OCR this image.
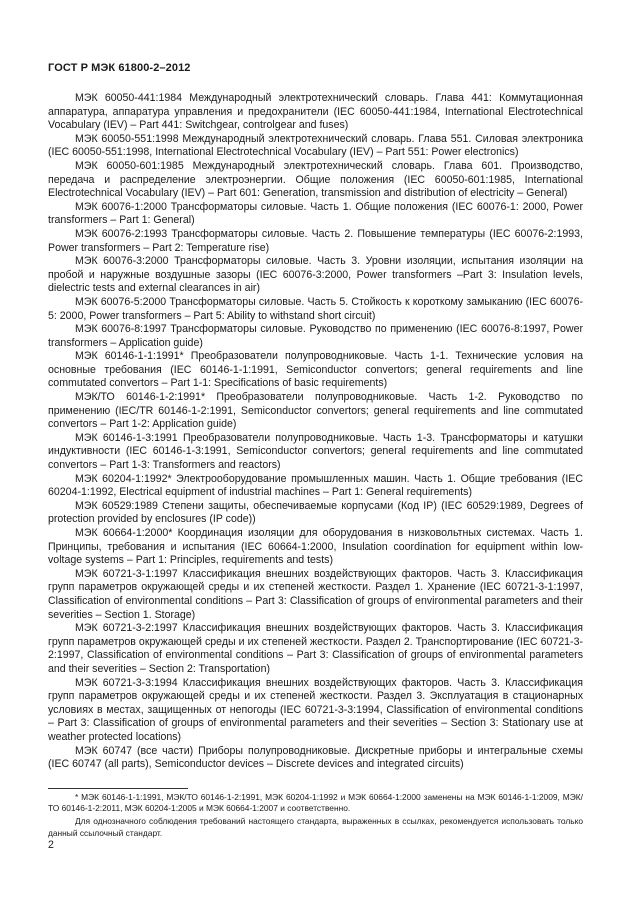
ГОСТ Р МЭК 61800-2–2012

МЭК 60050-441:1984 Международный электротехнический словарь. Глава 441: Коммутационная аппаратура, аппаратура управления и предохранители (IEC 60050-441:1984, International Electrotechnical Vocabulary (IEV) – Part 441: Switchgear, controlgear and fuses)

МЭК 60050-551:1998 Международный электротехнический словарь. Глава 551. Силовая электроника (IEC 60050-551:1998, International Electrotechnical Vocabulary (IEV) – Part 551: Power electronics)

МЭК 60050-601:1985 Международный электротехнический словарь. Глава 601. Производство, передача и распределение электроэнергии. Общие положения (IEC 60050-601:1985, International Electrotechnical Vocabulary (IEV) – Part 601: Generation, transmission and distribution of electricity – General)

МЭК 60076-1:2000 Трансформаторы силовые. Часть 1. Общие положения (IEC 60076-1: 2000, Power transformers – Part 1: General)

МЭК 60076-2:1993 Трансформаторы силовые. Часть 2. Повышение температуры (IEC 60076-2:1993, Power transformers – Part 2: Temperature rise)

МЭК 60076-3:2000 Трансформаторы силовые. Часть 3. Уровни изоляции, испытания изоляции на пробой и наружные воздушные зазоры (IEC 60076-3:2000, Power transformers –Part 3: Insulation levels, dielectric tests and external clearances in air)

МЭК 60076-5:2000 Трансформаторы силовые. Часть 5. Стойкость к короткому замыканию (IEC 60076-5: 2000, Power transformers – Part 5: Ability to withstand short circuit)

МЭК 60076-8:1997 Трансформаторы силовые. Руководство по применению (IEC 60076-8:1997, Power transformers – Application guide)

МЭК 60146-1-1:1991* Преобразователи полупроводниковые. Часть 1-1. Технические условия на основные требования (IEC 60146-1-1:1991, Semiconductor convertors; general requirements and line commutated convertors – Part 1-1: Specifications of basic requirements)

МЭК/ТО 60146-1-2:1991* Преобразователи полупроводниковые. Часть 1-2. Руководство по применению (IEC/TR 60146-1-2:1991, Semiconductor convertors; general requirements and line commutated convertors – Part 1-2: Application guide)

МЭК 60146-1-3:1991 Преобразователи полупроводниковые. Часть 1-3. Трансформаторы и катушки индуктивности (IEC 60146-1-3:1991, Semiconductor convertors; general requirements and line commutated convertors – Part 1-3: Transformers and reactors)

МЭК 60204-1:1992* Электрооборудование промышленных машин. Часть 1. Общие требования (IEC 60204-1:1992, Electrical equipment of industrial machines – Part 1: General requirements)

МЭК 60529:1989 Степени защиты, обеспечиваемые корпусами (Код IP) (IEC 60529:1989, Degrees of protection provided by enclosures (IP code))

МЭК 60664-1:2000* Координация изоляции для оборудования в низковольтных системах. Часть 1. Принципы, требования и испытания (IEC 60664-1:2000, Insulation coordination for equipment within low-voltage systems – Part 1: Principles, requirements and tests)

МЭК 60721-3-1:1997 Классификация внешних воздействующих факторов. Часть 3. Классификация групп параметров окружающей среды и их степеней жесткости. Раздел 1. Хранение (IEC 60721-3-1:1997, Classification of environmental conditions – Part 3: Classification of groups of environmental parameters and their severities – Section 1. Storage)

МЭК 60721-3-2:1997 Классификация внешних воздействующих факторов. Часть 3. Классификация групп параметров окружающей среды и их степеней жесткости. Раздел 2. Транспортирование (IEC 60721-3-2:1997, Classification of environmental conditions – Part 3: Classification of groups of environmental parameters and their severities – Section 2: Transportation)

МЭК 60721-3-3:1994 Классификация внешних воздействующих факторов. Часть 3. Классификация групп параметров окружающей среды и их степеней жесткости. Раздел 3. Эксплуатация в стационарных условиях в местах, защищенных от непогоды (IEC 60721-3-3:1994, Classification of environmental conditions – Part 3: Classification of groups of environmental parameters and their severities – Section 3: Stationary use at weather protected locations)

МЭК 60747 (все части) Приборы полупроводниковые. Дискретные приборы и интегральные схемы (IEC 60747 (all parts), Semiconductor devices – Discrete devices and integrated circuits)

* МЭК 60146-1-1:1991, МЭК/ТО 60146-1-2:1991, МЭК 60204-1:1992 и МЭК 60664-1:2000 заменены на МЭК 60146-1-1:2009, МЭК/ТО 60146-1-2:2011, МЭК 60204-1:2005 и МЭК 60664-1:2007 и соответственно.

Для однозначного соблюдения требований настоящего стандарта, выраженных в ссылках, рекомендуется использовать только данный ссылочный стандарт.

2
